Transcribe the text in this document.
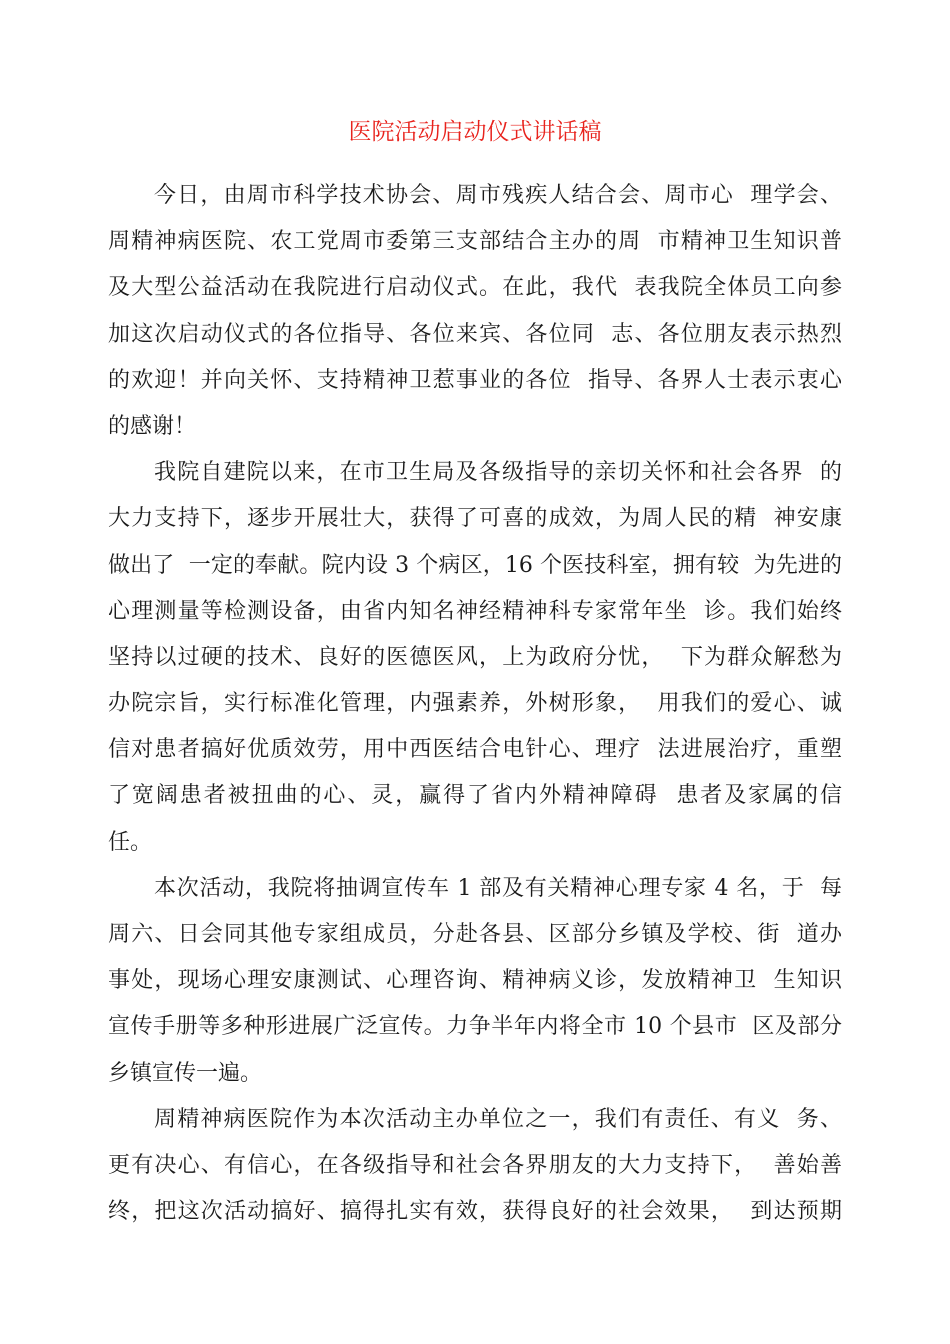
医院活动启动仪式讲话稿
今日，由周市科学技术协会、周市残疾人结合会、周市心  理学会、
周精神病医院、农工党周市委第三支部结合主办的周  市精神卫生知识普
及大型公益活动在我院进行启动仪式。在此，我代  表我院全体员工向参
加这次启动仪式的各位指导、各位来宾、各位同  志、各位朋友表示热烈
的欢迎！并向关怀、支持精神卫惹事业的各位  指导、各界人士表示衷心
的感谢！
我院自建院以来，在市卫生局及各级指导的亲切关怀和社会各界  的
大力支持下，逐步开展壮大，获得了可喜的成效，为周人民的精  神安康
做出了  一定的奉献。院内设 3 个病区，16 个医技科室，拥有较  为先进的
心理测量等检测设备，由省内知名神经精神科专家常年坐  诊。我们始终
坚持以过硬的技术、良好的医德医风，上为政府分忧，  下为群众解愁为
办院宗旨，实行标准化管理，内强素养，外树形象，  用我们的爱心、诚
信对患者搞好优质效劳，用中西医结合电针心、理疗  法进展治疗，重塑
了宽阔患者被扭曲的心、灵，赢得了省内外精神障碍  患者及家属的信
任。
本次活动，我院将抽调宣传车 1 部及有关精神心理专家 4 名，于  每
周六、日会同其他专家组成员，分赴各县、区部分乡镇及学校、街  道办
事处，现场心理安康测试、心理咨询、精神病义诊，发放精神卫  生知识
宣传手册等多种形进展广泛宣传。力争半年内将全市 10 个县市  区及部分
乡镇宣传一遍。
周精神病医院作为本次活动主办单位之一，我们有责任、有义  务、
更有决心、有信心，在各级指导和社会各界朋友的大力支持下，  善始善
终，把这次活动搞好、搞得扎实有效，获得良好的社会效果，  到达预期
